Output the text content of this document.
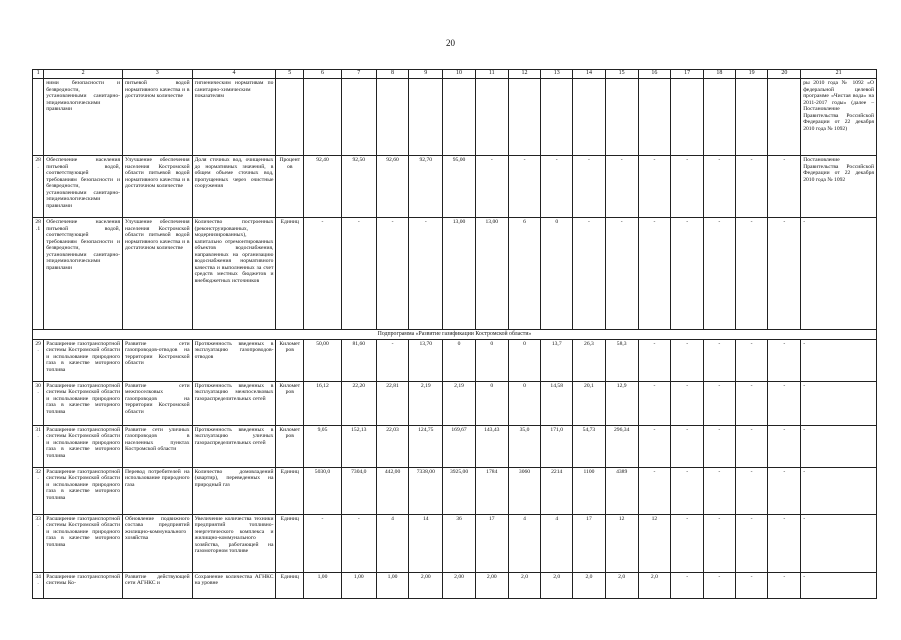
20
1	2	3	4	5	6	7	8	9	10	11	12	13	14	15	16	17	18	19	20	21
	ними безопасности и безвредности, установленными санитарно-эпидемиологическими правилами	питьевой водой нормативного качества и в достаточном количестве	гигиеническим нормативам по санитарно-химическим показателям																	ры 2010 года № 1092 «О федеральной целевой программе «Чистая вода» на 2011-2017 годы» (далее – Постановление Правительства Российской Федерации от 22 декабря 2010 года № 1092)
28.	Обеспечение населения питьевой водой, соответствующей требованиям безопасности и безвредности, установленными санитарно-эпидемиологическими правилами	Улучшение обеспечения населения Костромской области питьевой водой нормативного качества и в достаточном количестве	Доля сточных вод, очищенных до нормативных значений, в общем объеме сточных вод, пропущенных через очистные сооружения	Процентов	92,40	92,50	92,60	92,70	95,00	-	-	-	-	-	-	-	-	-	-	Постановление Правительства Российской Федерации от 22 декабря 2010 года № 1092
28.1	Обеспечение населения питьевой водой, соответствующей требованиям безопасности и безвредности, установленными санитарно-эпидемиологическими правилами	Улучшение обеспечения населения Костромской области питьевой водой нормативного качества и в достаточном количестве	Количество построенных (реконструированных, модернизированных), капитально отремонтированных объектов водоснабжения, направленных на организацию водоснабжения нормативного качества и выполненных за счет средств местных бюджетов и внебюджетных источников	Единиц	-	-	-	-	13,00	13,00	6	0	-	-	-	-	-	-	-	-
Подпрограмма «Развитие газификации Костромской области»																				
29.	Расширение газотранспортной системы Костромской области и использование природного газа в качестве моторного топлива	Развитие сети газопроводов-отводов на территории Костромской области	Протяженность введенных в эксплуатацию газопроводов-отводов	Километров	50,00	81,60	-	13,70	0	0	0	13,7	26,3	58,3	-	-	-	-	-	-
30.	Расширение газотранспортной системы Костромской области и использование природного газа в качестве моторного топлива	Развитие сети межпоселковых газопроводов на территории Костромской области	Протяженность введенных в эксплуатацию межпоселковых газораспределительных сетей	Километров	16,12	22,20	22,81	2,19	2,19	0	0	14,58	20,1	12,9	-	-	-	-	-	-
31.	Расширение газотранспортной системы Костромской области и использование природного газа в качестве моторного топлива	Развитие сети уличных газопроводов в населенных пунктах Костромской области	Протяженность введенных в эксплуатацию уличных газораспределительных сетей	Километров	9,05	152,13	22,03	124,75	169,67	143,43	35,0	171,0	54,73	296,34	-	-	-	-	-	-
32.	Расширение газотранспортной системы Костромской области и использование природного газа в качестве моторного топлива	Перевод потребителей на использование природного газа	Количество домовладений (квартир), переведенных на природный газ	Единиц	5030,0	7304,0	442,00	7338,00	3925,00	1784	3060	2214	1100	4389	-	-	-	-	-	-
33.	Расширение газотранспортной системы Костромской области и использование природного газа в качестве моторного топлива	Обновление подвижного состава предприятий жилищно-коммунального хозяйства	Увеличение количества техники предприятий топливно-энергетического комплекса и жилищно-коммунального хозяйства, работающей на газомоторном топливе	Единиц	-	-	4	14	36	17	4	4	17	12	12	-	-	-	-	-
34.	Расширение газотранспортной системы Ко-	Развитие действующей сети АГНКС и	Сохранение количества АГНКС на уровне	Единиц	1,00	1,00	1,00	2,00	2,00	2,00	2,0	2,0	2,0	2,0	2,0	-	-	-	-	-
